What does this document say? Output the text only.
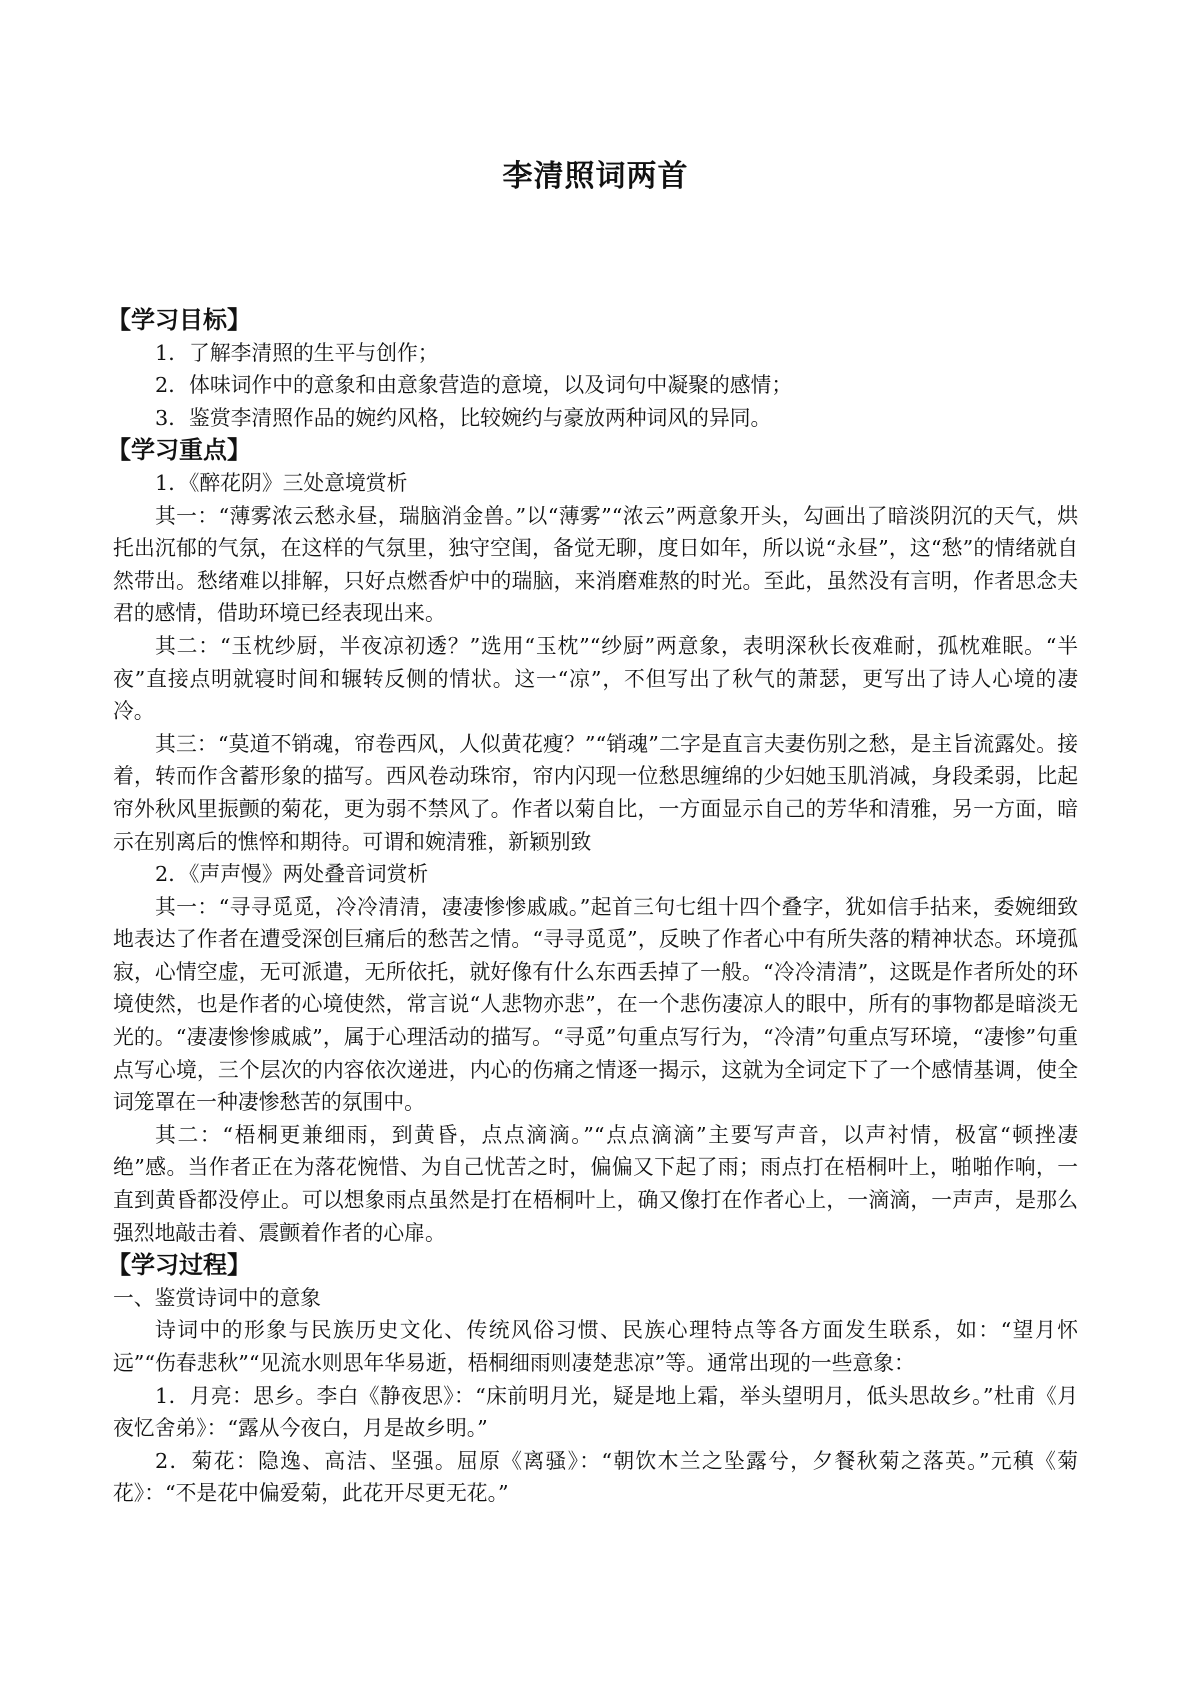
李清照词两首
【学习目标】
1．了解李清照的生平与创作；
2．体味词作中的意象和由意象营造的意境，以及词句中凝聚的感情；
3．鉴赏李清照作品的婉约风格，比较婉约与豪放两种词风的异同。
【学习重点】
1．《醉花阴》三处意境赏析

其一：“薄雾浓云愁永昼，瑞脑消金兽。”以“薄雾”“浓云”两意象开头，勾画出了暗淡阴沉的天气，烘托出沉郁的气氛，在这样的气氛里，独守空闺，备觉无聊，度日如年，所以说“永昼”，这“愁”的情绪就自然带出。愁绪难以排解，只好点燃香炉中的瑞脑，来消磨难熬的时光。至此，虽然没有言明，作者思念夫君的感情，借助环境已经表现出来。

其二：“玉枕纱厨，半夜凉初透？”选用“玉枕”“纱厨”两意象，表明深秋长夜难耐，孤枕难眠。“半夜”直接点明就寝时间和辗转反侧的情状。这一“凉”，不但写出了秋气的萧瑟，更写出了诗人心境的凄冷。

其三：“莫道不销魂，帘卷西风，人似黄花瘦？”“销魂”二字是直言夫妻伤别之愁，是主旨流露处。接着，转而作含蓄形象的描写。西风卷动珠帘，帘内闪现一位愁思缠绵的少妇她玉肌消减，身段柔弱，比起帘外秋风里振颤的菊花，更为弱不禁风了。作者以菊自比，一方面显示自己的芳华和清雅，另一方面，暗示在别离后的憔悴和期待。可谓和婉清雅，新颖别致

2．《声声慢》两处叠音词赏析

其一：“寻寻觅觅，冷冷清清，凄凄惨惨戚戚。”起首三句七组十四个叠字，犹如信手拈来，委婉细致地表达了作者在遭受深创巨痛后的愁苦之情。“寻寻觅觅”，反映了作者心中有所失落的精神状态。环境孤寂，心情空虚，无可派遣，无所依托，就好像有什么东西丢掉了一般。“冷冷清清”，这既是作者所处的环境使然，也是作者的心境使然，常言说“人悲物亦悲”，在一个悲伤凄凉人的眼中，所有的事物都是暗淡无光的。“凄凄惨惨戚戚”，属于心理活动的描写。“寻觅”句重点写行为，“冷清”句重点写环境，“凄惨”句重点写心境，三个层次的内容依次递进，内心的伤痛之情逐一揭示，这就为全词定下了一个感情基调，使全词笼罩在一种凄惨愁苦的氛围中。

其二：“梧桐更兼细雨，到黄昏，点点滴滴。”“点点滴滴”主要写声音，以声衬情，极富“顿挫凄绝”感。当作者正在为落花惋惜、为自己忧苦之时，偏偏又下起了雨；雨点打在梧桐叶上，啪啪作响，一直到黄昏都没停止。可以想象雨点虽然是打在梧桐叶上，确又像打在作者心上，一滴滴，一声声，是那么强烈地敲击着、震颤着作者的心扉。

【学习过程】
一、鉴赏诗词中的意象

诗词中的形象与民族历史文化、传统风俗习惯、民族心理特点等各方面发生联系，如：“望月怀远”“伤春悲秋”“见流水则思年华易逝，梧桐细雨则凄楚悲凉”等。通常出现的一些意象：

1．月亮：思乡。李白《静夜思》：“床前明月光，疑是地上霜，举头望明月，低头思故乡。”杜甫《月夜忆舍弟》：“露从今夜白，月是故乡明。”

2．菊花：隐逸、高洁、坚强。屈原《离骚》：“朝饮木兰之坠露兮，夕餐秋菊之落英。”元稹《菊花》：“不是花中偏爱菊，此花开尽更无花。”
